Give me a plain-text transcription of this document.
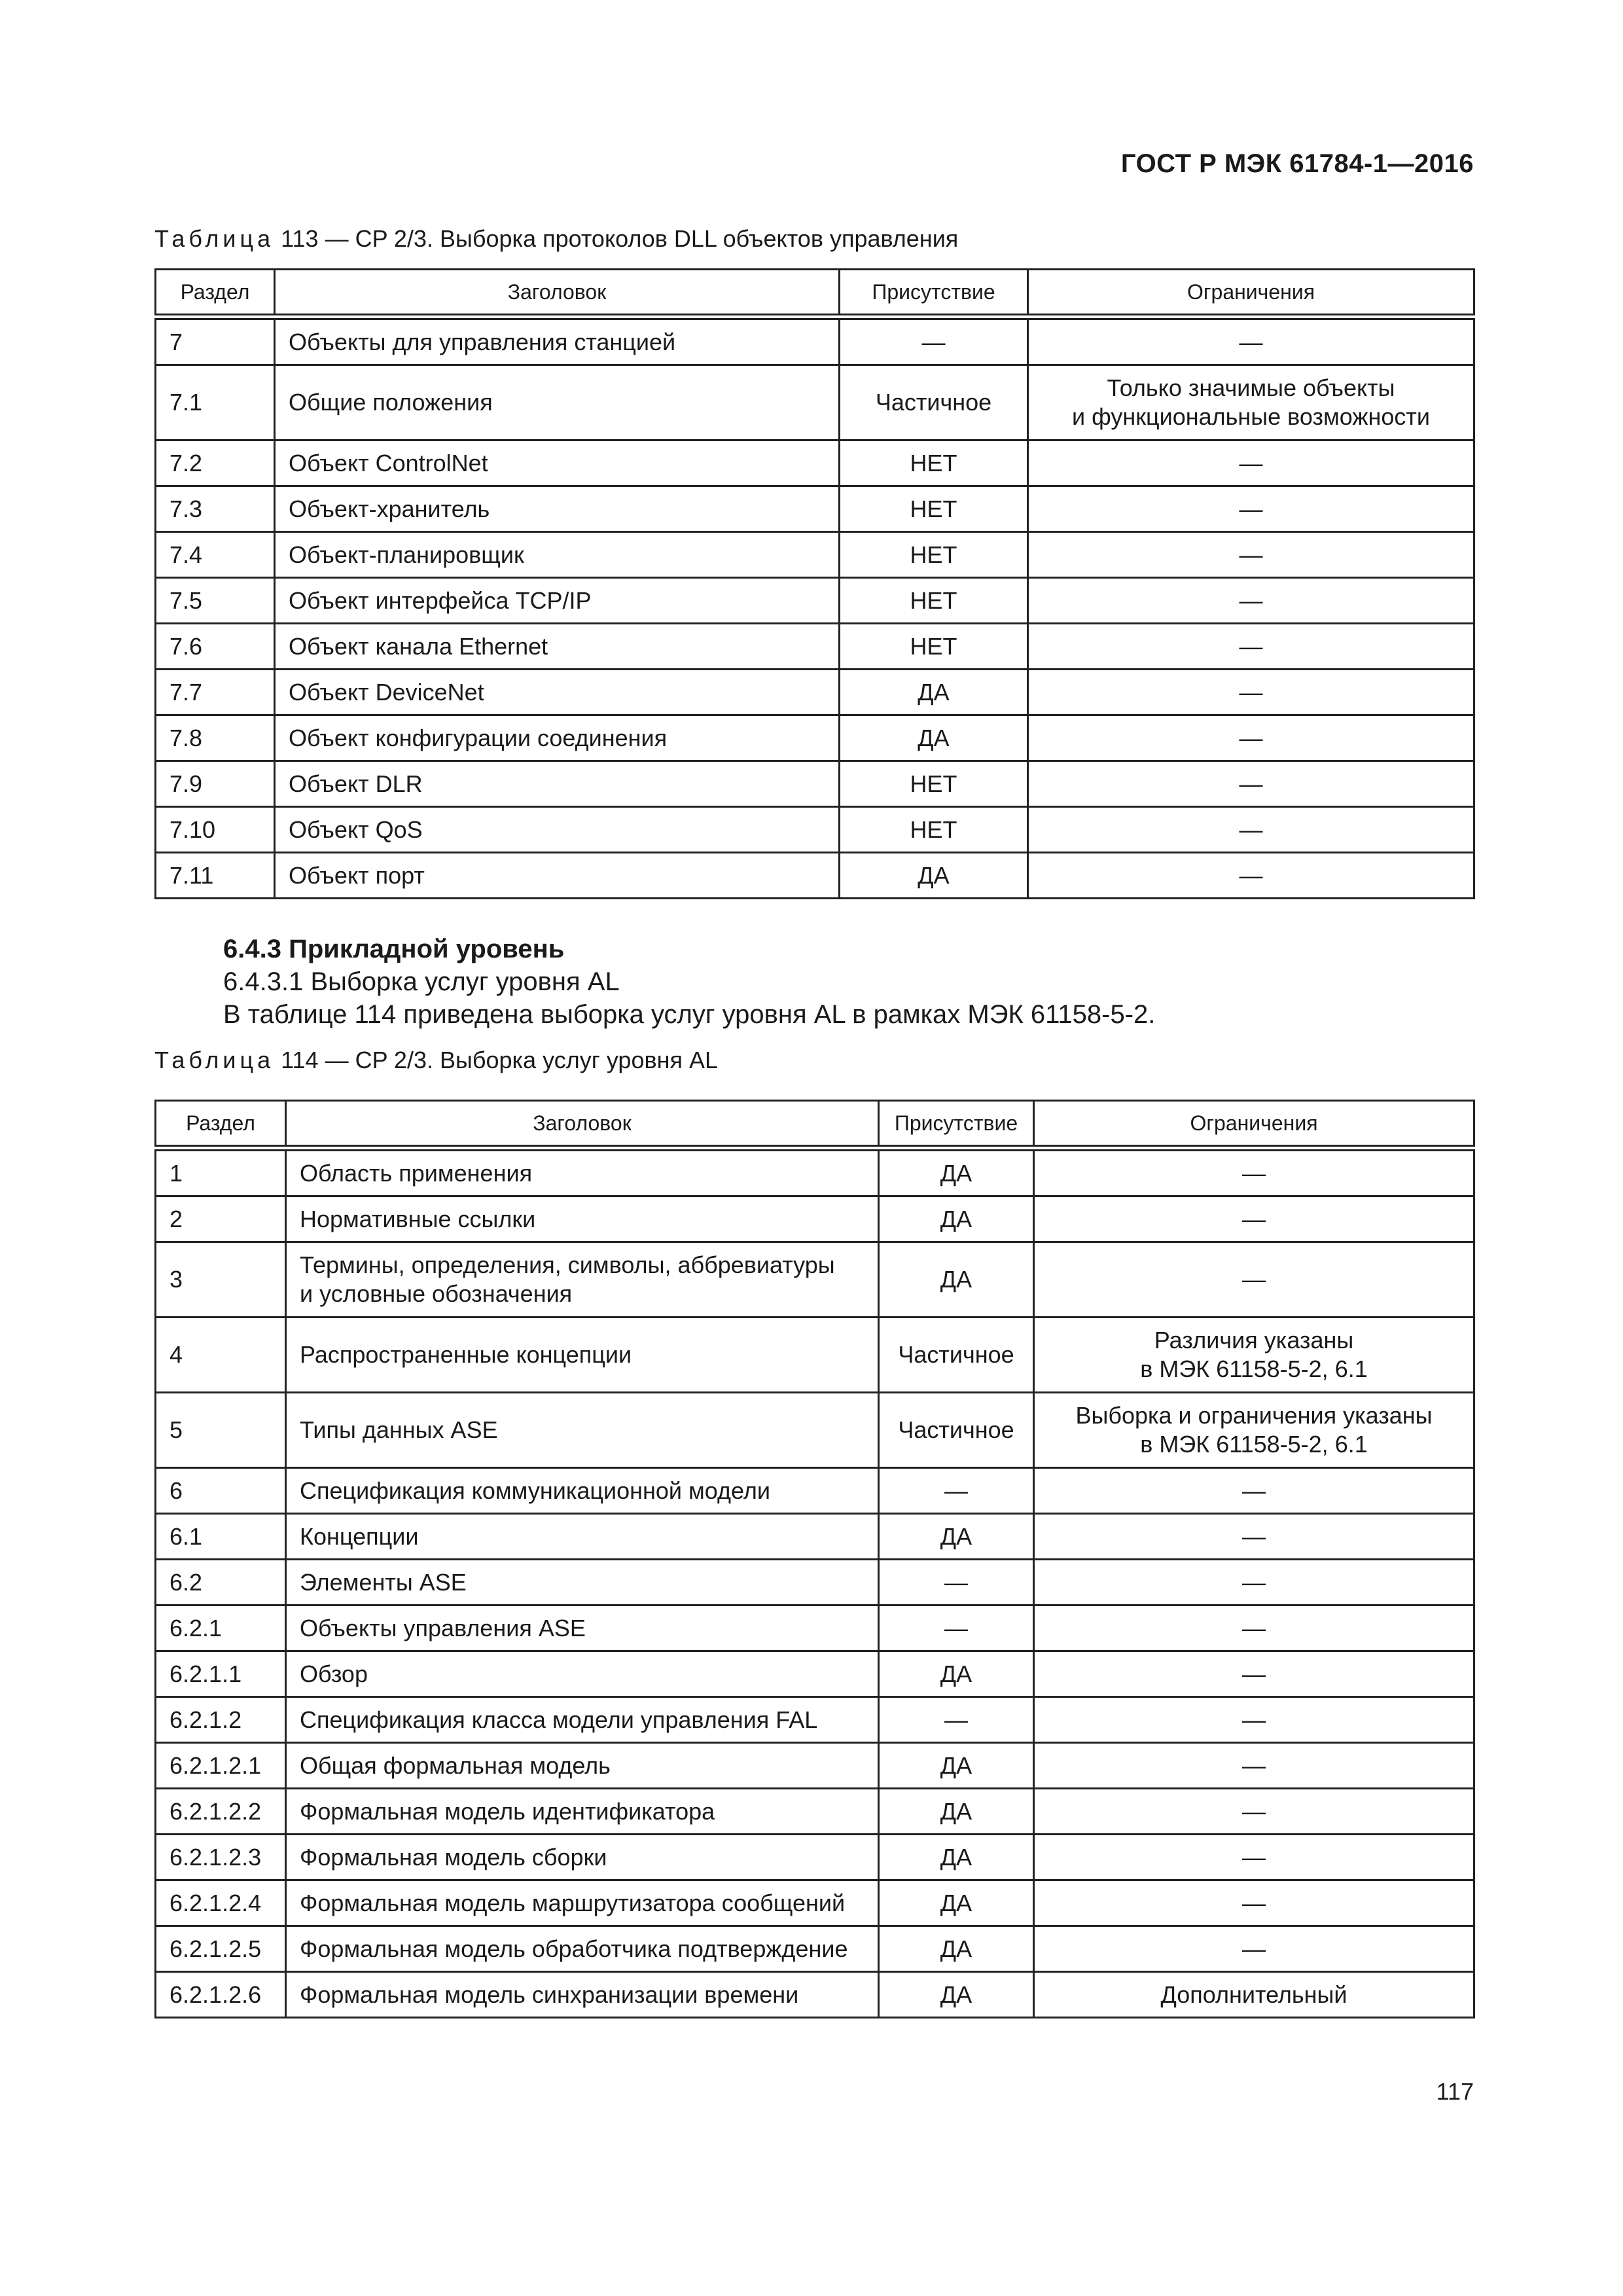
ГОСТ Р МЭК 61784-1—2016
Таблица 113 — CP 2/3. Выборка протоколов DLL объектов управления
Раздел	Заголовок	Присутствие	Ограничения

7	Объекты для управления станцией	—	—
7.1	Общие положения	Частичное	Только значимые объекты
и функциональные возможности

7.2	Объект ControlNet	НЕТ	—
7.3	Объект-хранитель	НЕТ	—
7.4	Объект-планировщик	НЕТ	—
7.5	Объект интерфейса TCP/IP	НЕТ	—
7.6	Объект канала Ethernet	НЕТ	—
7.7	Объект DeviceNet	ДА	—
7.8	Объект конфигурации соединения	ДА	—
7.9	Объект DLR	НЕТ	—
7.10	Объект QoS	НЕТ	—
7.11	Объект порт	ДА	—
6.4.3 Прикладной уровень
6.4.3.1 Выборка услуг уровня AL
В таблице 114 приведена выборка услуг уровня AL в рамках МЭК 61158-5-2.
Таблица 114 — CP 2/3. Выборка услуг уровня AL
Раздел	Заголовок	Присутствие	Ограничения

1	Область применения	ДА	—
2	Нормативные ссылки	ДА	—
3	Термины, определения, символы, аббревиатуры
и условные обозначения	ДА	—
4	Распространенные концепции	Частичное	Различия указаны
в МЭК 61158-5-2, 6.1

5	Типы данных ASE	Частичное	Выборка и ограничения указаны
в МЭК 61158-5-2, 6.1

6	Спецификация коммуникационной модели	—	—
6.1	Концепции	ДА	—
6.2	Элементы ASE	—	—
6.2.1	Объекты управления ASE	—	—
6.2.1.1	Обзор	ДА	—
6.2.1.2	Спецификация класса модели управления FAL	—	—
6.2.1.2.1	Общая формальная модель	ДА	—
6.2.1.2.2	Формальная модель идентификатора	ДА	—
6.2.1.2.3	Формальная модель сборки	ДА	—
6.2.1.2.4	Формальная модель маршрутизатора сообщений	ДА	—
6.2.1.2.5	Формальная модель обработчика подтверждение	ДА	—
6.2.1.2.6	Формальная модель синхранизации времени	ДА	Дополнительный
117
